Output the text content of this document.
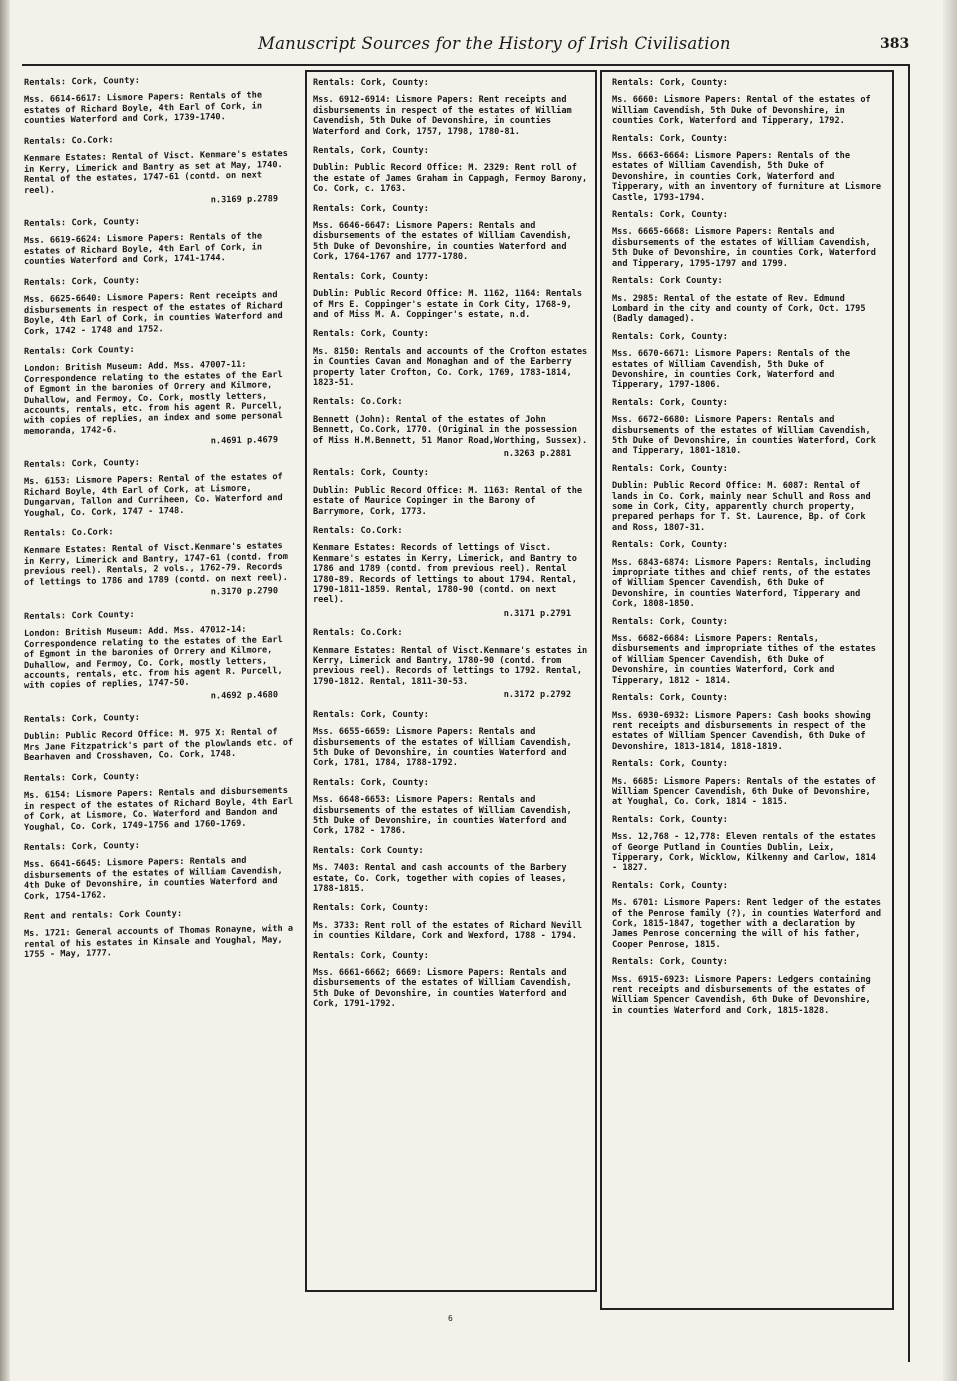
Manuscript Sources for the History of Irish Civilisation	383
Rentals: Cork, County:
Mss. 6614-6617: Lismore Papers: Rentals of the estates of Richard Boyle, 4th Earl of Cork, in counties Waterford and Cork, 1739-1740.
Rentals: Co.Cork:
Kenmare Estates: Rental of Visct. Kenmare's estates in Kerry, Limerick and Bantry as set at May, 1740. Rental of the estates, 1747-61 (contd. on next reel).
n.3169 p.2789
Rentals: Cork, County:
Mss. 6619-6624: Lismore Papers: Rentals of the estates of Richard Boyle, 4th Earl of Cork, in counties Waterford and Cork, 1741-1744.
Rentals: Cork, County:
Mss. 6625-6640: Lismore Papers: Rent receipts and disbursements in respect of the estates of Richard Boyle, 4th Earl of Cork, in counties Waterford and Cork, 1742 - 1748 and 1752.
Rentals: Cork County:
London: British Museum: Add. Mss. 47007-11: Correspondence relating to the estates of the Earl of Egmont in the baronies of Orrery and Kilmore, Duhallow, and Fermoy, Co. Cork, mostly letters, accounts, rentals, etc. from his agent R. Purcell, with copies of replies, an index and some personal memoranda, 1742-6.
n.4691 p.4679
Rentals: Cork, County:
Ms. 6153: Lismore Papers: Rental of the estates of Richard Boyle, 4th Earl of Cork, at Lismore, Dungarvan, Tallon and Curriheen, Co. Waterford and Youghal, Co. Cork, 1747 - 1748.
Rentals: Co.Cork:
Kenmare Estates: Rental of Visct.Kenmare's estates in Kerry, Limerick and Bantry, 1747-61 (contd. from previous reel). Rentals, 2 vols., 1762-79. Records of lettings to 1786 and 1789 (contd. on next reel).
n.3170 p.2790
Rentals: Cork County:
London: British Museum: Add. Mss. 47012-14: Correspondence relating to the estates of the Earl of Egmont in the baronies of Orrery and Kilmore, Duhallow, and Fermoy, Co. Cork, mostly letters, accounts, rentals, etc. from his agent R. Purcell, with copies of replies, 1747-50.
n.4692 p.4680
Rentals: Cork, County:
Dublin: Public Record Office: M. 975 X: Rental of Mrs Jane Fitzpatrick's part of the plowlands etc. of Bearhaven and Crosshaven, Co. Cork, 1748.
Rentals: Cork, County:
Ms. 6154: Lismore Papers: Rentals and disbursements in respect of the estates of Richard Boyle, 4th Earl of Cork, at Lismore, Co. Waterford and Bandon and Youghal, Co. Cork, 1749-1756 and 1760-1769.
Rentals: Cork, County:
Mss. 6641-6645: Lismore Papers: Rentals and disbursements of the estates of William Cavendish, 4th Duke of Devonshire, in counties Waterford and Cork, 1754-1762.
Rent and rentals: Cork County:
Ms. 1721: General accounts of Thomas Ronayne, with a rental of his estates in Kinsale and Youghal, May, 1755 - May, 1777.
Rentals: Cork, County:
Mss. 6912-6914: Lismore Papers: Rent receipts and disbursements in respect of the estates of William Cavendish, 5th Duke of Devonshire, in counties Waterford and Cork, 1757, 1798, 1780-81.
Rentals, Cork, County:
Dublin: Public Record Office: M. 2329: Rent roll of the estate of James Graham in Cappagh, Fermoy Barony, Co. Cork, c. 1763.
Rentals: Cork, County:
Mss. 6646-6647: Lismore Papers: Rentals and disbursements of the estates of William Cavendish, 5th Duke of Devonshire, in counties Waterford and Cork, 1764-1767 and 1777-1780.
Rentals: Cork, County:
Dublin: Public Record Office: M. 1162, 1164: Rentals of Mrs E. Coppinger's estate in Cork City, 1768-9, and of Miss M. A. Coppinger's estate, n.d.
Rentals: Cork, County:
Ms. 8150: Rentals and accounts of the Crofton estates in Counties Cavan and Monaghan and of the Earberry property later Crofton, Co. Cork, 1769, 1783-1814, 1823-51.
Rentals: Co.Cork:
Bennett (John): Rental of the estates of John Bennett, Co.Cork, 1770. (Original in the possession of Miss H.M.Bennett, 51 Manor Road,Worthing, Sussex).
n.3263 p.2881
Rentals: Cork, County:
Dublin: Public Record Office: M. 1163: Rental of the estate of Maurice Copinger in the Barony of Barrymore, Cork, 1773.
Rentals: Co.Cork:
Kenmare Estates: Records of lettings of Visct. Kenmare's estates in Kerry, Limerick, and Bantry to 1786 and 1789 (contd. from previous reel). Rental 1780-89. Records of lettings to about 1794. Rental, 1790-1811-1859. Rental, 1780-90 (contd. on next reel).
n.3171 p.2791
Rentals: Co.Cork:
Kenmare Estates: Rental of Visct.Kenmare's estates in Kerry, Limerick and Bantry, 1780-90 (contd. from previous reel). Records of lettings to 1792. Rental, 1790-1812. Rental, 1811-30-53.
n.3172 p.2792
Rentals: Cork, County:
Mss. 6655-6659: Lismore Papers: Rentals and disbursements of the estates of William Cavendish, 5th Duke of Devonshire, in counties Waterford and Cork, 1781, 1784, 1788-1792.
Rentals: Cork, County:
Mss. 6648-6653: Lismore Papers: Rentals and disbursements of the estates of William Cavendish, 5th Duke of Devonshire, in counties Waterford and Cork, 1782 - 1786.
Rentals: Cork County:
Ms. 7403: Rental and cash accounts of the Barbery estate, Co. Cork, together with copies of leases, 1788-1815.
Rentals: Cork, County:
Ms. 3733: Rent roll of the estates of Richard Nevill in counties Kildare, Cork and Wexford, 1788 - 1794.
Rentals: Cork, County:
Mss. 6661-6662; 6669: Lismore Papers: Rentals and disbursements of the estates of William Cavendish, 5th Duke of Devonshire, in counties Waterford and Cork, 1791-1792.
Rentals: Cork, County:
Ms. 6660: Lismore Papers: Rental of the estates of William Cavendish, 5th Duke of Devonshire, in counties Cork, Waterford and Tipperary, 1792.
Rentals: Cork, County:
Mss. 6663-6664: Lismore Papers: Rentals of the estates of William Cavendish, 5th Duke of Devonshire, in counties Cork, Waterford and Tipperary, with an inventory of furniture at Lismore Castle, 1793-1794.
Rentals: Cork, County:
Mss. 6665-6668: Lismore Papers: Rentals and disbursements of the estates of William Cavendish, 5th Duke of Devonshire, in counties Cork, Waterford and Tipperary, 1795-1797 and 1799.
Rentals: Cork County:
Ms. 2985: Rental of the estate of Rev. Edmund Lombard in the city and county of Cork, Oct. 1795 (Badly damaged).
Rentals: Cork, County:
Mss. 6670-6671: Lismore Papers: Rentals of the estates of William Cavendish, 5th Duke of Devonshire, in counties Cork, Waterford and Tipperary, 1797-1806.
Rentals: Cork, County:
Mss. 6672-6680: Lismore Papers: Rentals and disbursements of the estates of William Cavendish, 5th Duke of Devonshire, in counties Waterford, Cork and Tipperary, 1801-1810.
Rentals: Cork, County:
Dublin: Public Record Office: M. 6087: Rental of lands in Co. Cork, mainly near Schull and Ross and some in Cork, City, apparently church property, prepared perhaps for T. St. Laurence, Bp. of Cork and Ross, 1807-31.
Rentals: Cork, County:
Mss. 6843-6874: Lismore Papers: Rentals, including impropriate tithes and chief rents, of the estates of William Spencer Cavendish, 6th Duke of Devonshire, in counties Waterford, Tipperary and Cork, 1808-1850.
Rentals: Cork, County:
Mss. 6682-6684: Lismore Papers: Rentals, disbursements and impropriate tithes of the estates of William Spencer Cavendish, 6th Duke of Devonshire, in counties Waterford, Cork and Tipperary, 1812 - 1814.
Rentals: Cork, County:
Mss. 6930-6932: Lismore Papers: Cash books showing rent receipts and disbursements in respect of the estates of William Spencer Cavendish, 6th Duke of Devonshire, 1813-1814, 1818-1819.
Rentals: Cork, County:
Ms. 6685: Lismore Papers: Rentals of the estates of William Spencer Cavendish, 6th Duke of Devonshire, at Youghal, Co. Cork, 1814 - 1815.
Rentals: Cork, County:
Mss. 12,768 - 12,778: Eleven rentals of the estates of George Putland in Counties Dublin, Leix, Tipperary, Cork, Wicklow, Kilkenny and Carlow, 1814 - 1827.
Rentals: Cork, County:
Ms. 6701: Lismore Papers: Rent ledger of the estates of the Penrose family (?), in counties Waterford and Cork, 1815-1847, together with a declaration by James Penrose concerning the will of his father, Cooper Penrose, 1815.
Rentals: Cork, County:
Mss. 6915-6923: Lismore Papers: Ledgers containing rent receipts and disbursements of the estates of William Spencer Cavendish, 6th Duke of Devonshire, in counties Waterford and Cork, 1815-1828.
6
